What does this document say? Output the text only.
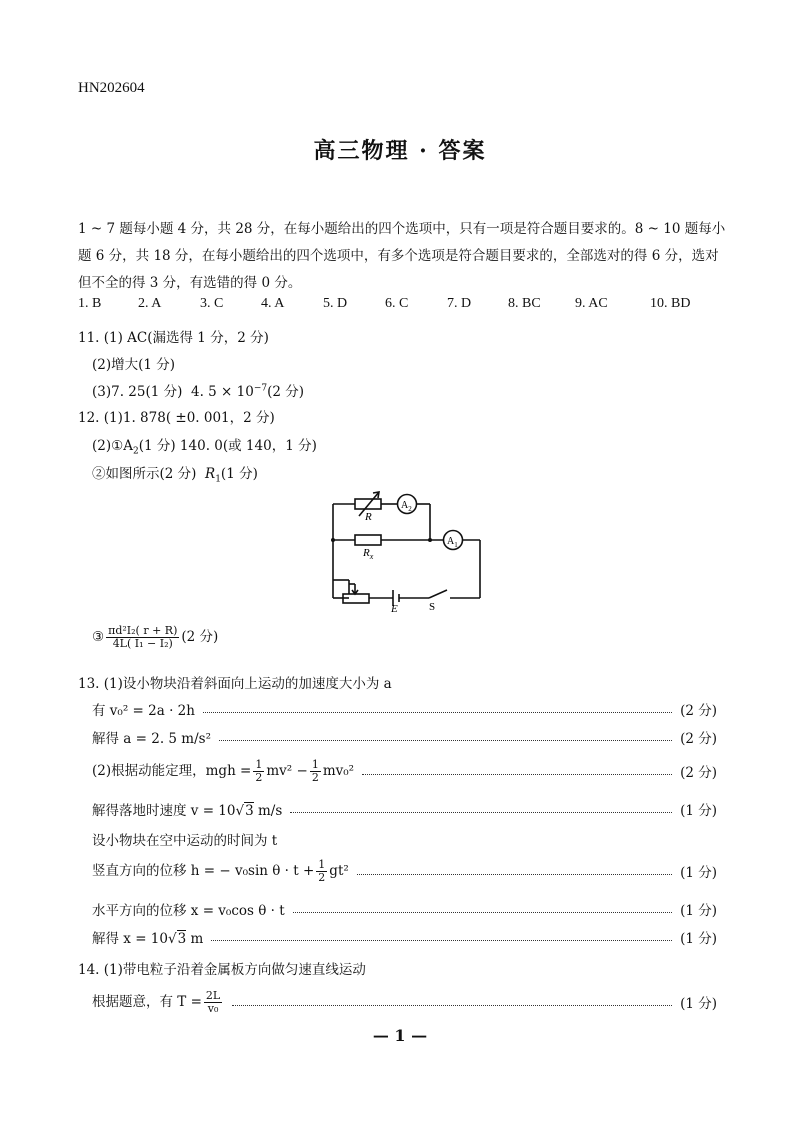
HN202604
高三物理 · 答案
1 ~ 7 题每小题 4 分，共 28 分，在每小题给出的四个选项中，只有一项是符合题目要求的。8 ~ 10 题每小题 6 分，共 18 分，在每小题给出的四个选项中，有多个选项是符合题目要求的，全部选对的得 6 分，选对但不全的得 3 分，有选错的得 0 分。
1. B	2. A	3. C	4. A	5. D	6. C	7. D	8. BC 9. AC	10. BD
11. (1) AC(漏选得 1 分，2 分)
(2)增大(1 分)
(3)7. 25(1 分) 4. $5 \times 10^{-7}(2$ 分)
12. (1)1. 878( ±0. 001，2 分)
$(2)①A_2(1$ 分) 140. 0(或 140，1 分)
②如图所示(2 分) $R_1(1$ 分)
R
$R_x$
$A_2$
$A_1$
E	S
③ $\frac{\text{πd²I₂( r + R)}}{\text{4L( I₁ − I₂)}} (2$ 分)
13. (1)设小物块沿着斜面向上运动的加速度大小为 a
有 v₀² = 2a · 2h	(2 分)
解得 a = 2. 5 m/s²	(2 分)
(2)根据动能定理，mgh = $\frac{1}{2} mv^2 - \frac{1}{2} mv_0^2$	(2 分)
解得落地时速度 v = 10√3 m/s	(1 分)
设小物块在空中运动的时间为 t
竖直方向的位移 h = − v₀sin $\theta \cdot t + \frac{1}{2} gt^2$	(1 分)
水平方向的位移 x = v₀cos θ · t	(1 分)
解得 x = 10√3 m	(1 分)
14. (1)带电粒子沿着金属板方向做匀速直线运动
根据题意，有 $T = \frac{2L}{\text{v₀}}$	(1 分)
— 1 —
